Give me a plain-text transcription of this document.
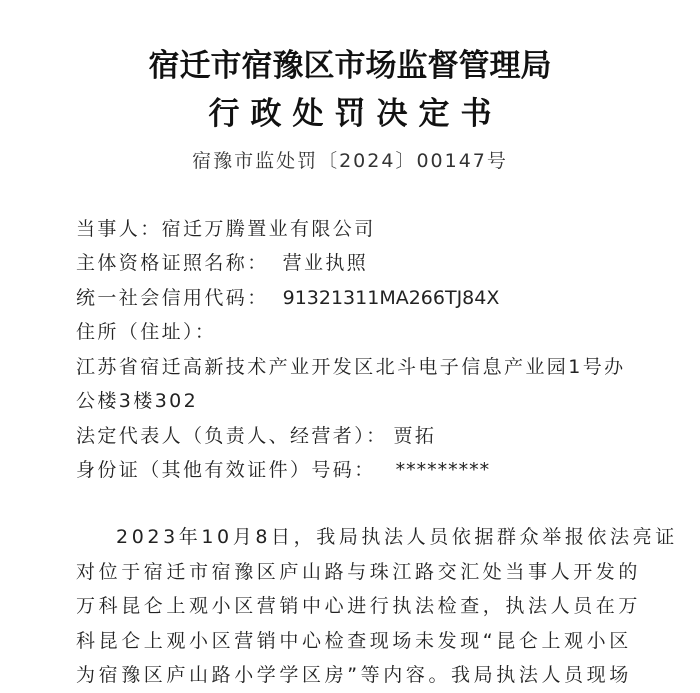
宿迁市宿豫区市场监督管理局
行政处罚决定书
宿豫市监处罚〔2024〕00147号
当事人：宿迁万腾置业有限公司
主体资格证照名称： 营业执照
统一社会信用代码： 91321311MA266TJ84X
住所（住址）：
江苏省宿迁高新技术产业开发区北斗电子信息产业园1号办
公楼3楼302
法定代表人（负责人、经营者）： 贾拓
身份证（其他有效证件）号码： *********
2023年10月8日，我局执法人员依据群众举报依法亮证
对位于宿迁市宿豫区庐山路与珠江路交汇处当事人开发的
万科昆仑上观小区营销中心进行执法检查，执法人员在万
科昆仑上观小区营销中心检查现场未发现“昆仑上观小区
为宿豫区庐山路小学学区房”等内容。我局执法人员现场
